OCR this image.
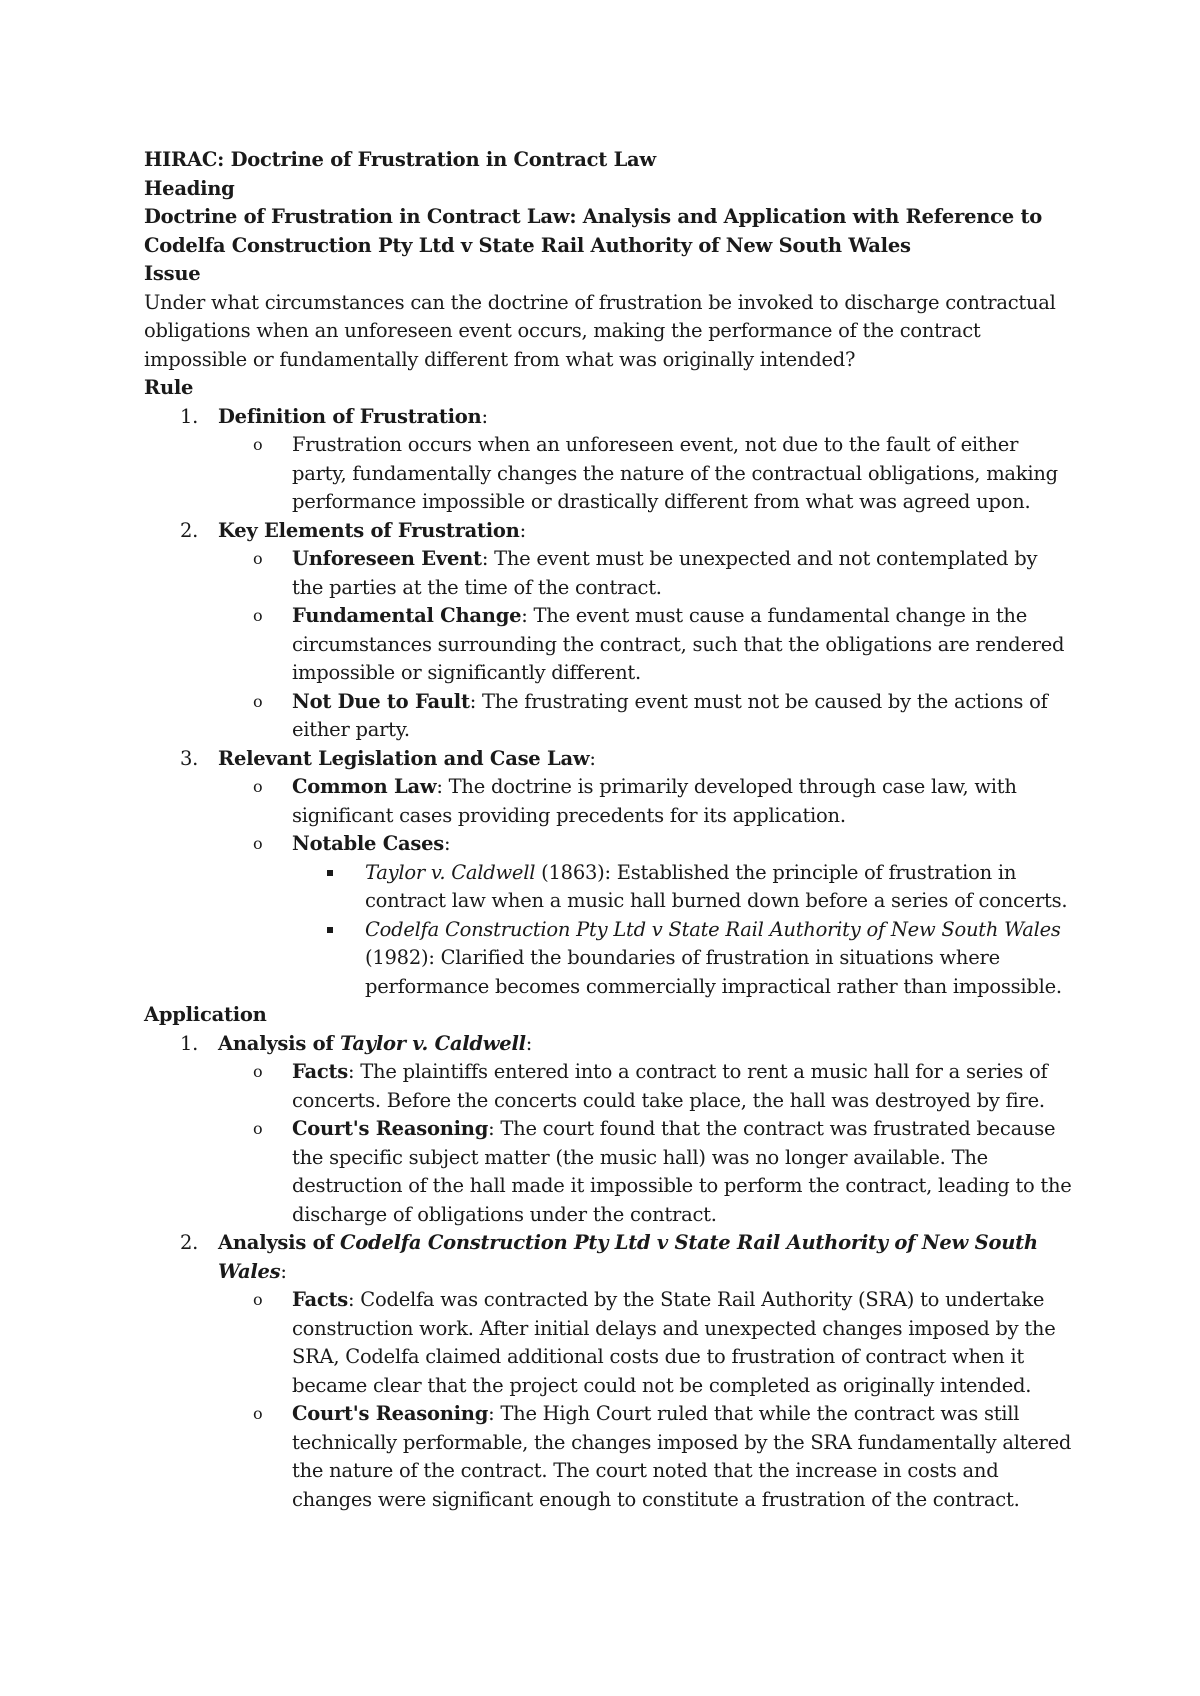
HIRAC: Doctrine of Frustration in Contract Law

Heading

Doctrine of Frustration in Contract Law: Analysis and Application with Reference to Codelfa Construction Pty Ltd v State Rail Authority of New South Wales

Issue

Under what circumstances can the doctrine of frustration be invoked to discharge contractual obligations when an unforeseen event occurs, making the performance of the contract impossible or fundamentally different from what was originally intended?

Rule

1. Definition of Frustration:
o Frustration occurs when an unforeseen event, not due to the fault of either party, fundamentally changes the nature of the contractual obligations, making performance impossible or drastically different from what was agreed upon.
2. Key Elements of Frustration:
o Unforeseen Event: The event must be unexpected and not contemplated by the parties at the time of the contract.
o Fundamental Change: The event must cause a fundamental change in the circumstances surrounding the contract, such that the obligations are rendered impossible or significantly different.
o Not Due to Fault: The frustrating event must not be caused by the actions of either party.
3. Relevant Legislation and Case Law:
o Common Law: The doctrine is primarily developed through case law, with significant cases providing precedents for its application.
o Notable Cases:
Taylor v. Caldwell (1863): Established the principle of frustration in contract law when a music hall burned down before a series of concerts.
Codelfa Construction Pty Ltd v State Rail Authority of New South Wales (1982): Clarified the boundaries of frustration in situations where performance becomes commercially impractical rather than impossible.

Application

1. Analysis of Taylor v. Caldwell:
o Facts: The plaintiffs entered into a contract to rent a music hall for a series of concerts. Before the concerts could take place, the hall was destroyed by fire.
o Court's Reasoning: The court found that the contract was frustrated because the specific subject matter (the music hall) was no longer available. The destruction of the hall made it impossible to perform the contract, leading to the discharge of obligations under the contract.
2. Analysis of Codelfa Construction Pty Ltd v State Rail Authority of New South Wales:
o Facts: Codelfa was contracted by the State Rail Authority (SRA) to undertake construction work. After initial delays and unexpected changes imposed by the SRA, Codelfa claimed additional costs due to frustration of contract when it became clear that the project could not be completed as originally intended.
o Court's Reasoning: The High Court ruled that while the contract was still technically performable, the changes imposed by the SRA fundamentally altered the nature of the contract. The court noted that the increase in costs and changes were significant enough to constitute a frustration of the contract.
